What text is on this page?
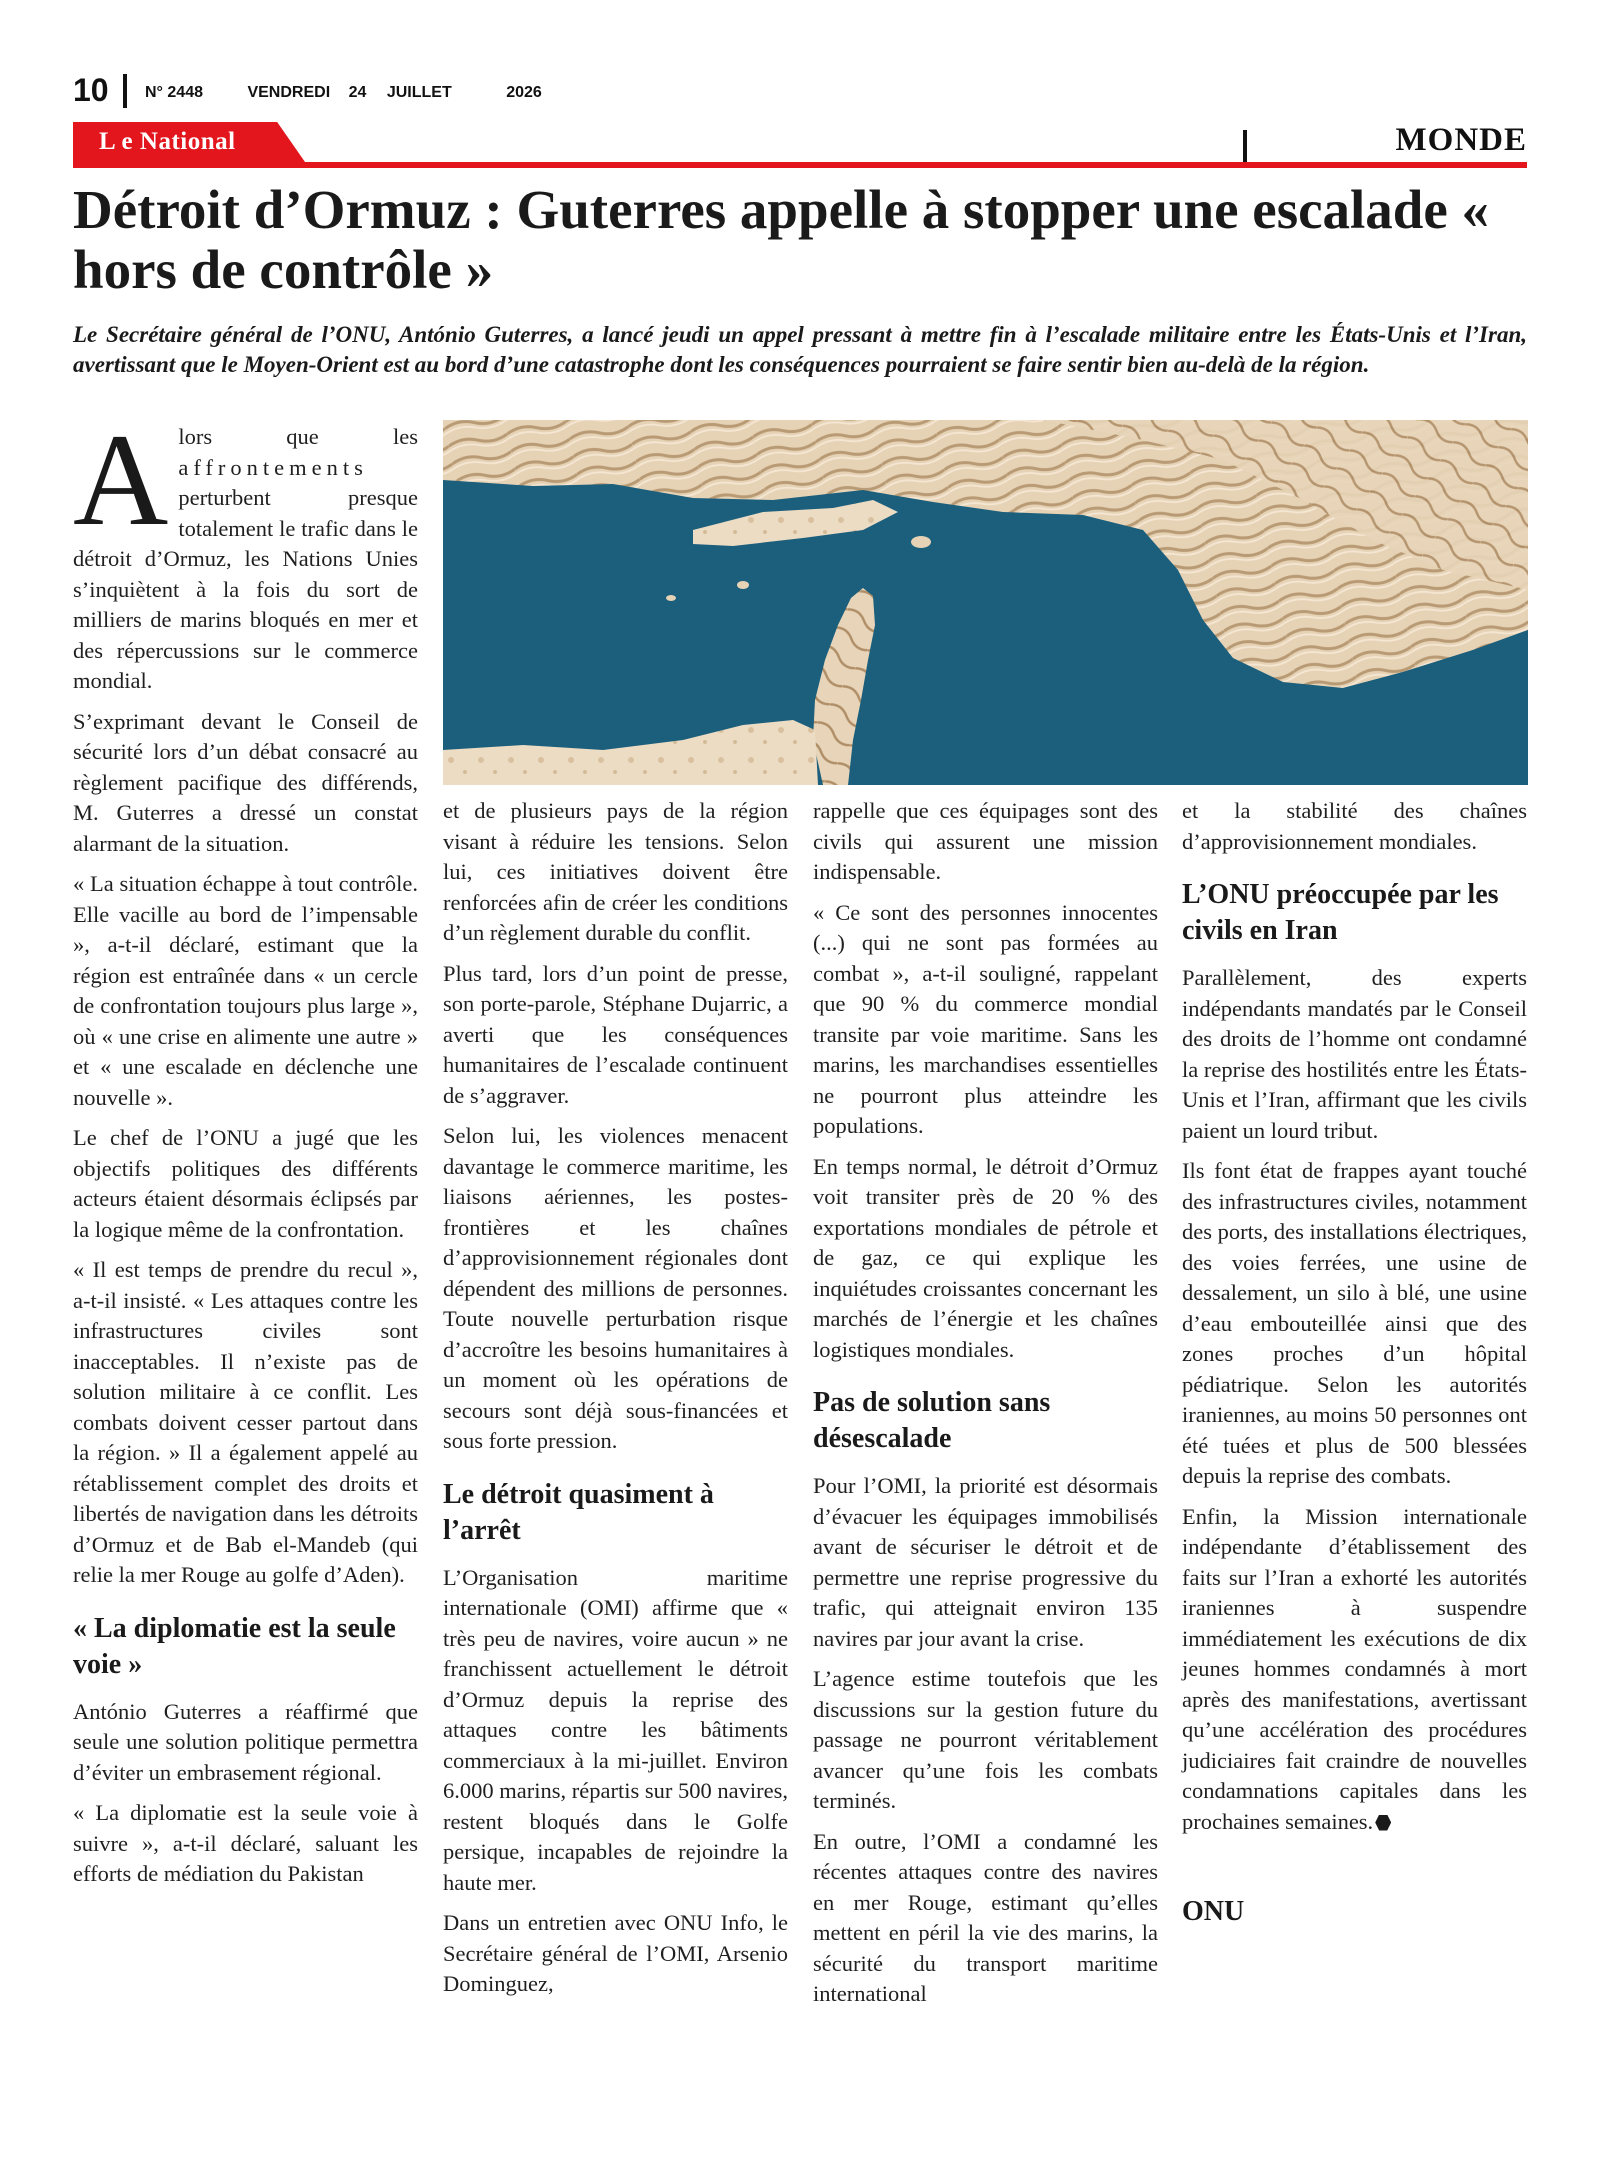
10 N° 2448	VENDREDI 24 JUILLET	2026
L e National	MONDE
Détroit d’Ormuz : Guterres appelle à stopper une escalade « hors de contrôle »

Le Secrétaire général de l’ONU, António Guterres, a lancé jeudi un appel pressant à mettre fin à l’escalade militaire entre les États-Unis et l’Iran, avertissant que le Moyen-Orient est au bord d’une catastrophe dont les conséquences pourraient se faire sentir bien au-delà de la région.

A lors que les affrontements perturbent presque totalement le trafic dans le détroit d’Ormuz, les Nations Unies s’inquiètent à la fois du sort de milliers de marins bloqués en mer et des répercussions sur le commerce mondial.

S’exprimant devant le Conseil de sécurité lors d’un débat consacré au règlement pacifique des différends, M. Guterres a dressé un constat alarmant de la situation.

« La situation échappe à tout contrôle. Elle vacille au bord de l’impensable », a-t-il déclaré, estimant que la région est entraînée dans « un cercle de confrontation toujours plus large », où « une crise en alimente une autre » et « une escalade en déclenche une nouvelle ».

Le chef de l’ONU a jugé que les objectifs politiques des différents acteurs étaient désormais éclipsés par la logique même de la confrontation.

« Il est temps de prendre du recul », a-t-il insisté. « Les attaques contre les infrastructures civiles sont inacceptables. Il n’existe pas de solution militaire à ce conflit. Les combats doivent cesser partout dans la région. » Il a également appelé au rétablissement complet des droits et libertés de navigation dans les détroits d’Ormuz et de Bab el-Mandeb (qui relie la mer Rouge au golfe d’Aden).

« La diplomatie est la seule voie »

António Guterres a réaffirmé que seule une solution politique permettra d’éviter un embrasement régional.

« La diplomatie est la seule voie à suivre », a-t-il déclaré, saluant les efforts de médiation du Pakistan

et de plusieurs pays de la région visant à réduire les tensions. Selon lui, ces initiatives doivent être renforcées afin de créer les conditions d’un règlement durable du conflit.

Plus tard, lors d’un point de presse, son porte-parole, Stéphane Dujarric, a averti que les conséquences humanitaires de l’escalade continuent de s’aggraver.

Selon lui, les violences menacent davantage le commerce maritime, les liaisons aériennes, les postes-frontières et les chaînes d’approvisionnement régionales dont dépendent des millions de personnes. Toute nouvelle perturbation risque d’accroître les besoins humanitaires à un moment où les opérations de secours sont déjà sous-financées et sous forte pression.

Le détroit quasiment à l’arrêt

L’Organisation maritime internationale (OMI) affirme que « très peu de navires, voire aucun » ne franchissent actuellement le détroit d’Ormuz depuis la reprise des attaques contre les bâtiments commerciaux à la mi-juillet. Environ 6.000 marins, répartis sur 500 navires, restent bloqués dans le Golfe persique, incapables de rejoindre la haute mer.

Dans un entretien avec ONU Info, le Secrétaire général de l’OMI, Arsenio Dominguez,

rappelle que ces équipages sont des civils qui assurent une mission indispensable.

« Ce sont des personnes innocentes (...) qui ne sont pas formées au combat », a-t-il souligné, rappelant que 90 % du commerce mondial transite par voie maritime. Sans les marins, les marchandises essentielles ne pourront plus atteindre les populations.

En temps normal, le détroit d’Ormuz voit transiter près de 20 % des exportations mondiales de pétrole et de gaz, ce qui explique les inquiétudes croissantes concernant les marchés de l’énergie et les chaînes logistiques mondiales.

Pas de solution sans désescalade

Pour l’OMI, la priorité est désormais d’évacuer les équipages immobilisés avant de sécuriser le détroit et de permettre une reprise progressive du trafic, qui atteignait environ 135 navires par jour avant la crise.

L’agence estime toutefois que les discussions sur la gestion future du passage ne pourront véritablement avancer qu’une fois les combats terminés.

En outre, l’OMI a condamné les récentes attaques contre des navires en mer Rouge, estimant qu’elles mettent en péril la vie des marins, la sécurité du transport maritime international

et la stabilité des chaînes d’approvisionnement mondiales.

L’ONU préoccupée par les civils en Iran

Parallèlement, des experts indépendants mandatés par le Conseil des droits de l’homme ont condamné la reprise des hostilités entre les États-Unis et l’Iran, affirmant que les civils paient un lourd tribut.

Ils font état de frappes ayant touché des infrastructures civiles, notamment des ports, des installations électriques, des voies ferrées, une usine de dessalement, un silo à blé, une usine d’eau embouteillée ainsi que des zones proches d’un hôpital pédiatrique. Selon les autorités iraniennes, au moins 50 personnes ont été tuées et plus de 500 blessées depuis la reprise des combats.

Enfin, la Mission internationale indépendante d’établissement des faits sur l’Iran a exhorté les autorités iraniennes à suspendre immédiatement les exécutions de dix jeunes hommes condamnés à mort après des manifestations, avertissant qu’une accélération des procédures judiciaires fait craindre de nouvelles condamnations capitales dans les prochaines semaines.

ONU
